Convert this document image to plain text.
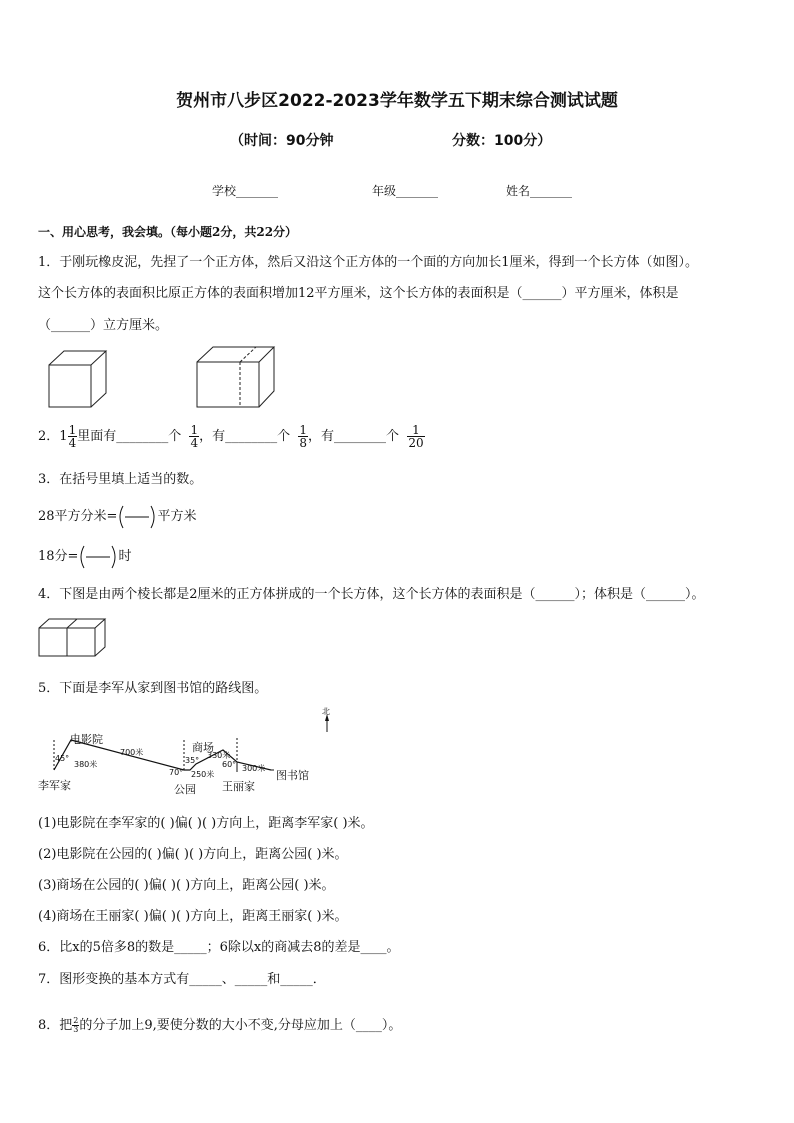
贺州市八步区2022-2023学年数学五下期末综合测试试题
（时间：90分钟	分数：100分）
学校_______	年级_______	姓名_______
一、用心思考，我会填。（每小题2分，共22分）
1．于刚玩橡皮泥，先捏了一个正方体，然后又沿这个正方体的一个面的方向加长1厘米，得到一个长方体（如图）。
这个长方体的表面积比原正方体的表面积增加12平方厘米，这个长方体的表面积是（______）平方厘米，体积是
（______）立方厘米。
2．$1 \frac{1}{4}$ 里面有________个 $\frac{1}{4}$ ，有________个 $\frac{1}{8}$ ，有________个 $\frac{1}{20}$
3．在括号里填上适当的数。
28平方分米=	平方米
18分=	时
4．下图是由两个棱长都是2厘米的正方体拼成的一个长方体，这个长方体的表面积是（______）；体积是（______）。
5．下面是李军从家到图书馆的路线图。
北
电影院
李军家	公园
商场
王丽家
图书馆
45°
380米
700米
70°
35°
250米
330米
60° 300米
(1)电影院在李军家的( )偏( )( )方向上，距离李军家( )米。
(2)电影院在公园的( )偏( )( )方向上，距离公园( )米。
(3)商场在公园的( )偏( )( )方向上，距离公园( )米。
(4)商场在王丽家( )偏( )( )方向上，距离王丽家( )米。
6．比x的5倍多8的数是_____；6除以x的商减去8的差是____。
7．图形变换的基本方式有_____、_____和_____．
8．把 $\frac{2}{3}$ 的分子加上9,要使分数的大小不变,分母应加上（____）。
